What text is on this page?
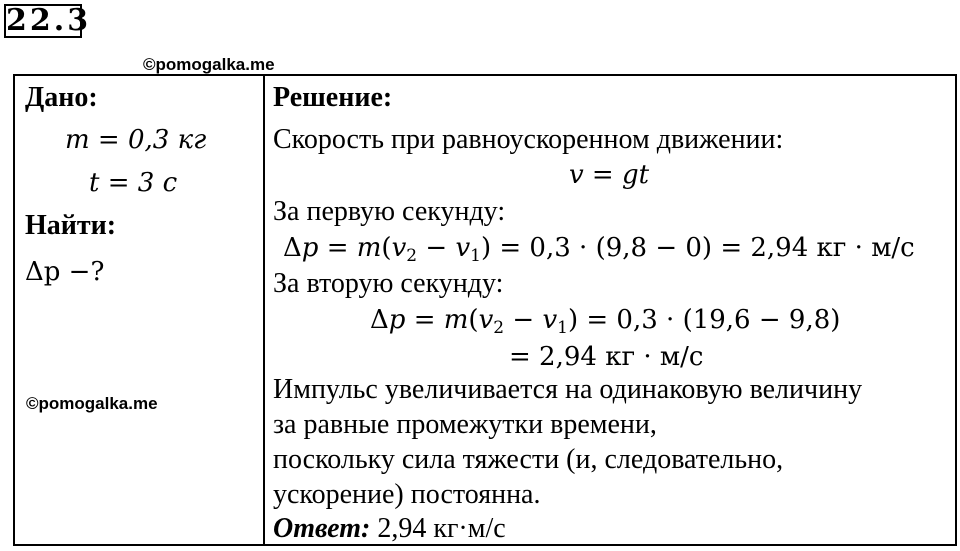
22.3
©pomogalka.me
Дано:
m = 0,3 кг
t = 3 с
Найти:
Δp −?
Решение:
Скорость при равноускоренном движении:
v = gt
За первую секунду:
$\Delta p = m(v_2 - v_1) = 0,3 \cdot (9,8 - 0) = 2,94$ кг · м/с
За вторую секунду:
$\Delta p = m(v_2 - v_1) = 0,3 \cdot (19,6 - 9,8)$
= 2,94 кг · м/с
Импульс увеличивается на одинаковую величину
за равные промежутки времени,
поскольку сила тяжести (и, следовательно,
ускорение) постоянна.
Ответ: 2,94 кг·м/с
©pomogalka.me
